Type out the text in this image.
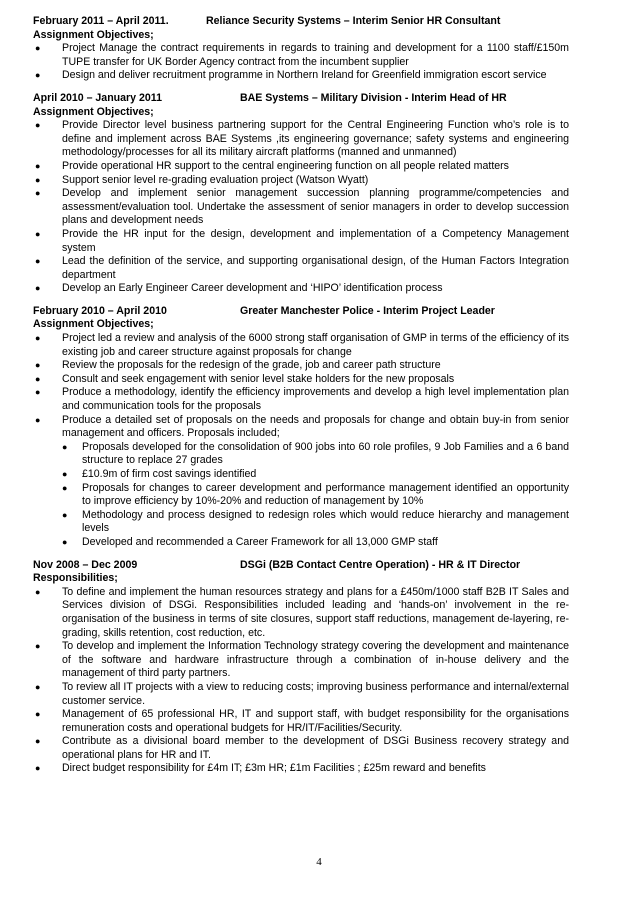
February 2011 – April 2011.	Reliance Security Systems – Interim Senior HR Consultant
Assignment Objectives;
● Project Manage the contract requirements in regards to training and development for a 1100 staff/£150m TUPE transfer for UK Border Agency contract from the incumbent supplier
● Design and deliver recruitment programme in Northern Ireland for Greenfield immigration escort service
April 2010 – January 2011	BAE Systems – Military Division - Interim Head of HR
Assignment Objectives;
● Provide Director level business partnering support for the Central Engineering Function who’s role is to define and implement across BAE Systems ,its engineering governance; safety systems and engineering methodology/processes for all its military aircraft platforms (manned and unmanned)
● Provide operational HR support to the central engineering function on all people related matters
● Support senior level re-grading evaluation project (Watson Wyatt)
● Develop and implement senior management succession planning programme/competencies and assessment/evaluation tool. Undertake the assessment of senior managers in order to develop succession plans and development needs
● Provide the HR input for the design, development and implementation of a Competency Management system
● Lead the definition of the service, and supporting organisational design, of the Human Factors Integration department
● Develop an Early Engineer Career development and ‘HIPO’ identification process
February 2010 – April 2010	Greater Manchester Police - Interim Project Leader
Assignment Objectives;
● Project led a review and analysis of the 6000 strong staff organisation of GMP in terms of the efficiency of its existing job and career structure against proposals for change
● Review the proposals for the redesign of the grade, job and career path structure
● Consult and seek engagement with senior level stake holders for the new proposals
● Produce a methodology, identify the efficiency improvements and develop a high level implementation plan and communication tools for the proposals
● Produce a detailed set of proposals on the needs and proposals for change and obtain buy-in from senior management and officers. Proposals included;
● Proposals developed for the consolidation of 900 jobs into 60 role profiles, 9 Job Families and a 6 band structure to replace 27 grades
● £10.9m of firm cost savings identified
● Proposals for changes to career development and performance management identified an opportunity to improve efficiency by 10%-20% and reduction of management by 10%
● Methodology and process designed to redesign roles which would reduce hierarchy and management levels
● Developed and recommended a Career Framework for all 13,000 GMP staff
Nov 2008 – Dec 2009	DSGi (B2B Contact Centre Operation) - HR & IT Director
Responsibilities;
● To define and implement the human resources strategy and plans for a £450m/1000 staff B2B IT Sales and Services division of DSGi. Responsibilities included leading and ‘hands-on’ involvement in the re-organisation of the business in terms of site closures, support staff reductions, management de-layering, re-grading, skills retention, cost reduction, etc.
● To develop and implement the Information Technology strategy covering the development and maintenance of the software and hardware infrastructure through a combination of in-house delivery and the management of third party partners.
● To review all IT projects with a view to reducing costs; improving business performance and internal/external customer service.
● Management of 65 professional HR, IT and support staff, with budget responsibility for the organisations remuneration costs and operational budgets for HR/IT/Facilities/Security.
● Contribute as a divisional board member to the development of DSGi Business recovery strategy and operational plans for HR and IT.
● Direct budget responsibility for £4m IT; £3m HR; £1m Facilities ; £25m reward and benefits
4
